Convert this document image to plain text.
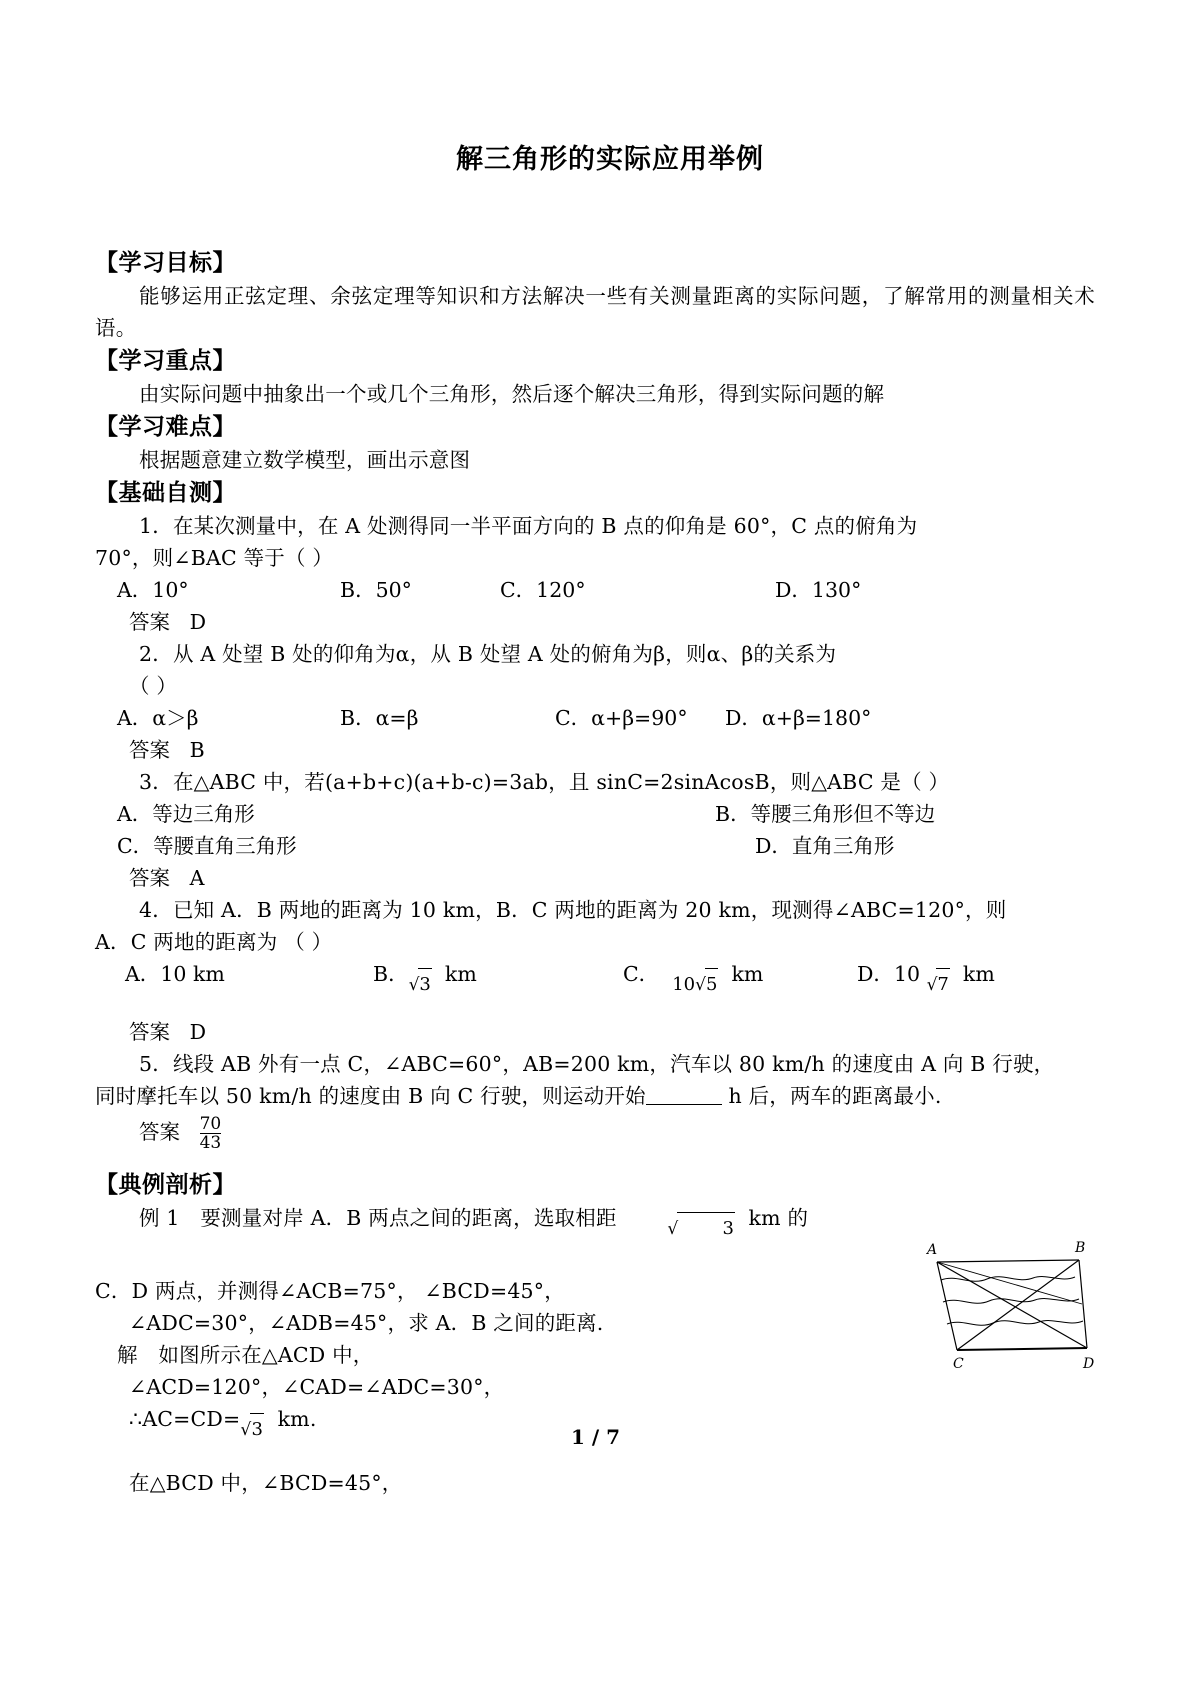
解三角形的实际应用举例
【学习目标】
能够运用正弦定理、余弦定理等知识和方法解决一些有关测量距离的实际问题，了解常用的测量相关术语。
【学习重点】
由实际问题中抽象出一个或几个三角形，然后逐个解决三角形，得到实际问题的解
【学习难点】
根据题意建立数学模型，画出示意图
【基础自测】
1．在某次测量中，在 A 处测得同一半平面方向的 B 点的仰角是 60°，C 点的俯角为
70°，则∠BAC 等于（ ）
A．10°	B．50°	C．120°	D．130°
答案 D
2．从 A 处望 B 处的仰角为α，从 B 处望 A 处的俯角为β，则α、β的关系为
（ ）
A．α＞β	B．α=β	C．α+β=90° D．α+β=180°
答案 B
3．在△ABC 中，若(a+b+c)(a+b-c)=3ab，且 sinC=2sinAcosB，则△ABC 是（ ）
A．等边三角形	B．等腰三角形但不等边
C．等腰直角三角形	D．直角三角形
答案 A
4．已知 A．B 两地的距离为 10 km，B．C 两地的距离为 20 km，现测得∠ABC=120°，则
A．C 两地的距离为 （ ）
A．10 km	B．√3 km	C． 10√5 km	D．10 √7 km
答案 D
5．线段 AB 外有一点 C，∠ABC=60°，AB=200 km，汽车以 80 km/h 的速度由 A 向 B 行驶，
同时摩托车以 50 km/h 的速度由 B 向 C 行驶，则运动开始	h 后，两车的距离最小.
答案 $\frac{70}{43}$
【典例剖析】
例 1　要测量对岸 A．B 两点之间的距离，选取相距	√ 3 km 的
C．D 两点，并测得∠ACB=75°， ∠BCD=45°，
∠ADC=30°，∠ADB=45°，求 A．B 之间的距离.
解　如图所示在△ACD 中，
∠ACD=120°，∠CAD=∠ADC=30°，
∴AC=CD=√3 km.
在△BCD 中，∠BCD=45°，
A	B
C	D
1 / 7
